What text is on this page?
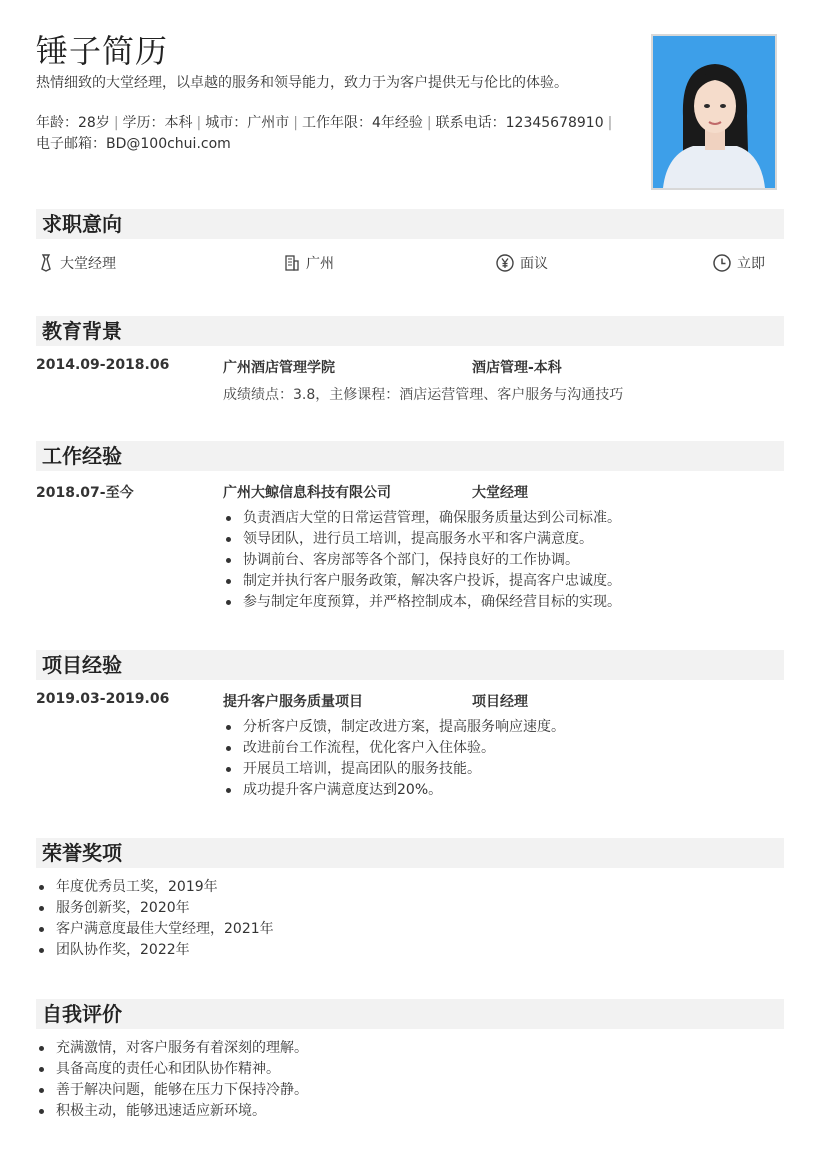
锤子简历
热情细致的大堂经理，以卓越的服务和领导能力，致力于为客户提供无与伦比的体验。
年龄：28岁 | 学历：本科 | 城市：广州市 | 工作年限：4年经验 | 联系电话：12345678910 |
电子邮箱：BD@100chui.com
求职意向
大堂经理	广州	面议	立即
教育背景
2014.09-2018.06	广州酒店管理学院	酒店管理-本科
成绩绩点：3.8，主修课程：酒店运营管理、客户服务与沟通技巧
工作经验
2018.07-至今	广州大鲸信息科技有限公司	大堂经理
负责酒店大堂的日常运营管理，确保服务质量达到公司标准。
领导团队，进行员工培训，提高服务水平和客户满意度。
协调前台、客房部等各个部门，保持良好的工作协调。
制定并执行客户服务政策，解决客户投诉，提高客户忠诚度。
参与制定年度预算，并严格控制成本，确保经营目标的实现。
项目经验
2019.03-2019.06	提升客户服务质量项目	项目经理
分析客户反馈，制定改进方案，提高服务响应速度。
改进前台工作流程，优化客户入住体验。
开展员工培训，提高团队的服务技能。
成功提升客户满意度达到20%。
荣誉奖项
年度优秀员工奖，2019年
服务创新奖，2020年
客户满意度最佳大堂经理，2021年
团队协作奖，2022年
自我评价
充满激情，对客户服务有着深刻的理解。
具备高度的责任心和团队协作精神。
善于解决问题，能够在压力下保持冷静。
积极主动，能够迅速适应新环境。
